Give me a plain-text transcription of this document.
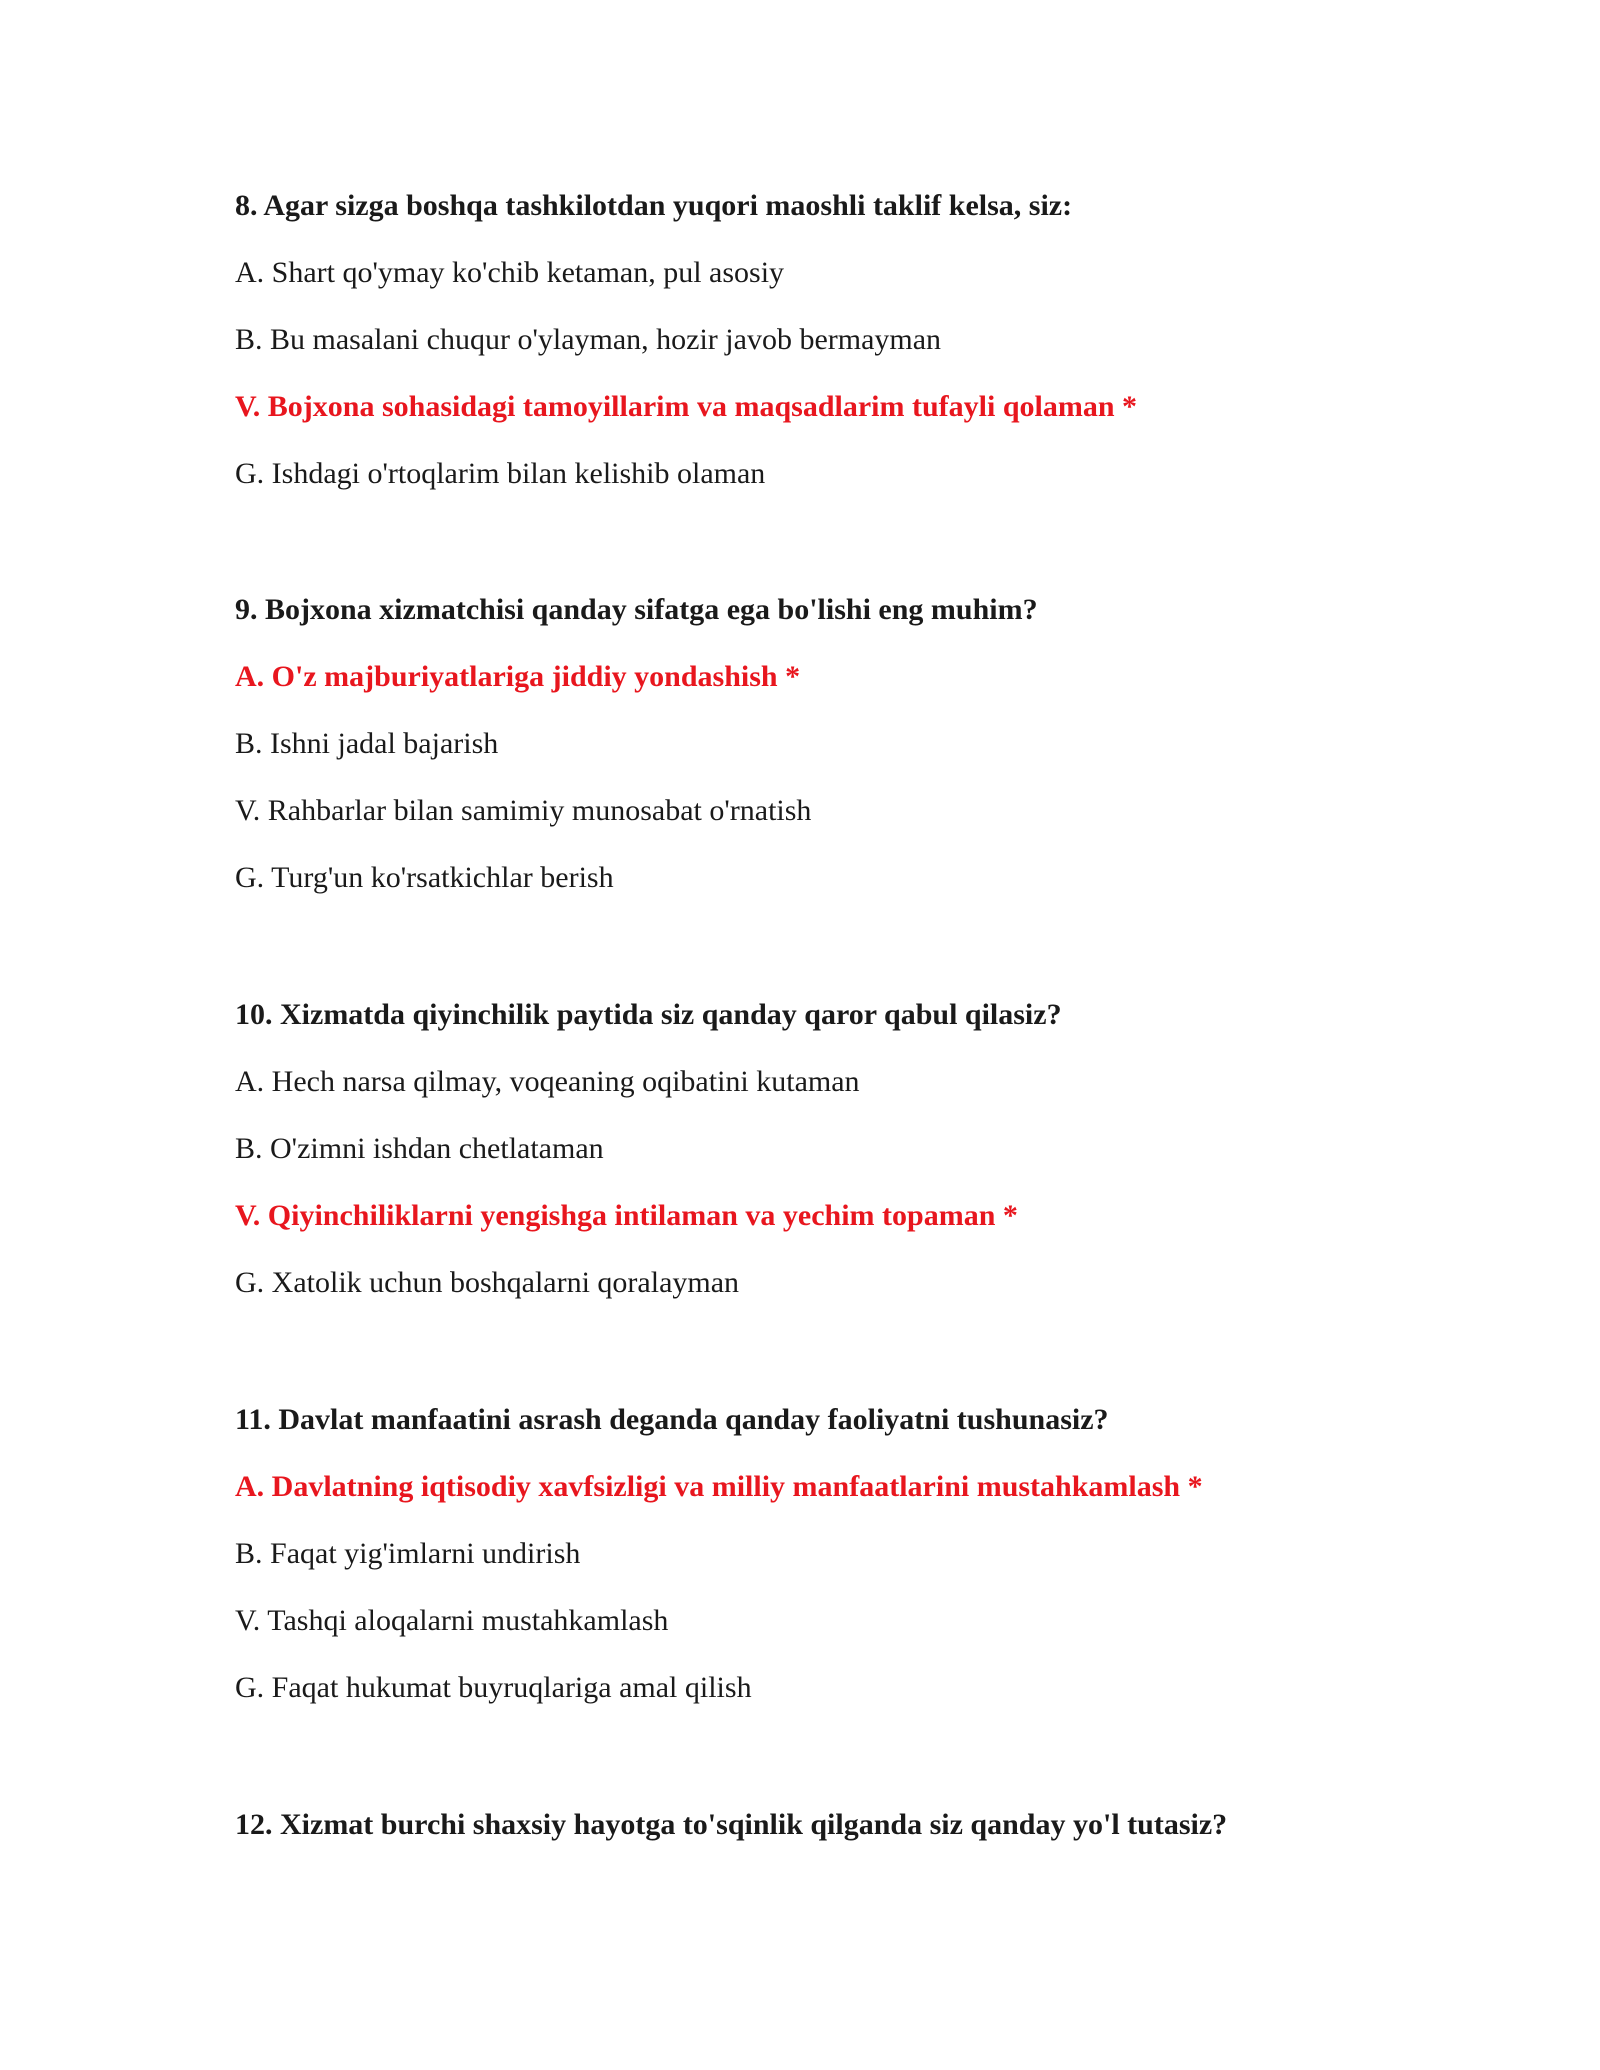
8. Agar sizga boshqa tashkilotdan yuqori maoshli taklif kelsa, siz:

A. Shart qo'ymay ko'chib ketaman, pul asosiy

B. Bu masalani chuqur o'ylayman, hozir javob bermayman

V. Bojxona sohasidagi tamoyillarim va maqsadlarim tufayli qolaman *

G. Ishdagi o'rtoqlarim bilan kelishib olaman

9. Bojxona xizmatchisi qanday sifatga ega bo'lishi eng muhim?

A. O'z majburiyatlariga jiddiy yondashish *

B. Ishni jadal bajarish

V. Rahbarlar bilan samimiy munosabat o'rnatish

G. Turg'un ko'rsatkichlar berish

10. Xizmatda qiyinchilik paytida siz qanday qaror qabul qilasiz?

A. Hech narsa qilmay, voqeaning oqibatini kutaman

B. O'zimni ishdan chetlataman

V. Qiyinchiliklarni yengishga intilaman va yechim topaman *

G. Xatolik uchun boshqalarni qoralayman

11. Davlat manfaatini asrash deganda qanday faoliyatni tushunasiz?

A. Davlatning iqtisodiy xavfsizligi va milliy manfaatlarini mustahkamlash *

B. Faqat yig'imlarni undirish

V. Tashqi aloqalarni mustahkamlash

G. Faqat hukumat buyruqlariga amal qilish

12. Xizmat burchi shaxsiy hayotga to'sqinlik qilganda siz qanday yo'l tutasiz?
